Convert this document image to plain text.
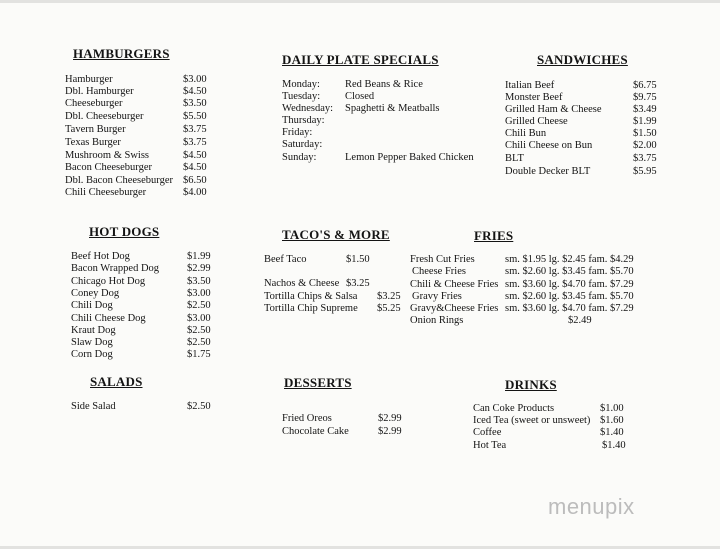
HAMBURGERS
Hamburger	$3.00
Dbl. Hamburger	$4.50
Cheeseburger	$3.50
Dbl. Cheeseburger	$5.50
Tavern Burger	$3.75
Texas Burger	$3.75
Mushroom & Swiss	$4.50
Bacon Cheeseburger	$4.50
Dbl. Bacon Cheeseburger $6.50
Chili Cheeseburger	$4.00
DAILY PLATE SPECIALS
Monday: Red Beans & Rice
Tuesday: Closed
Wednesday: Spaghetti & Meatballs
Thursday:
Friday:
Saturday:
Sunday:	Lemon Pepper Baked Chicken
SANDWICHES
Italian Beef	$6.75
Monster Beef	$9.75
Grilled Ham & Cheese	$3.49
Grilled Cheese	$1.99
Chili Bun	$1.50
Chili Cheese on Bun	$2.00
BLT	$3.75
Double Decker BLT	$5.95
HOT DOGS
Beef Hot Dog	$1.99
Bacon Wrapped Dog	$2.99
Chicago Hot Dog	$3.50
Coney Dog	$3.00
Chili Dog	$2.50
Chili Cheese Dog	$3.00
Kraut Dog	$2.50
Slaw Dog	$2.50
Corn Dog	$1.75
TACO'S & MORE
Beef Taco	$1.50
Nachos & Cheese $3.25
Tortilla Chips & Salsa $3.25
Tortilla Chip Supreme $5.25
FRIES
Fresh Cut Fries	sm. $1.95 lg. $2.45 fam. $4.29
Cheese Fries	sm. $2.60 lg. $3.45 fam. $5.70
Chili & Cheese Fries sm. $3.60 lg. $4.70 fam. $7.29
Gravy Fries	sm. $2.60 lg. $3.45 fam. $5.70
Gravy&Cheese Fries sm. $3.60 lg. $4.70 fam. $7.29
Onion Rings	$2.49
SALADS
Side Salad	$2.50
DESSERTS
Fried Oreos	$2.99
Chocolate Cake	$2.99
DRINKS
Can Coke Products	$1.00
Iced Tea (sweet or unsweet) $1.60
Coffee	$1.40
Hot Tea	$1.40
menupix
